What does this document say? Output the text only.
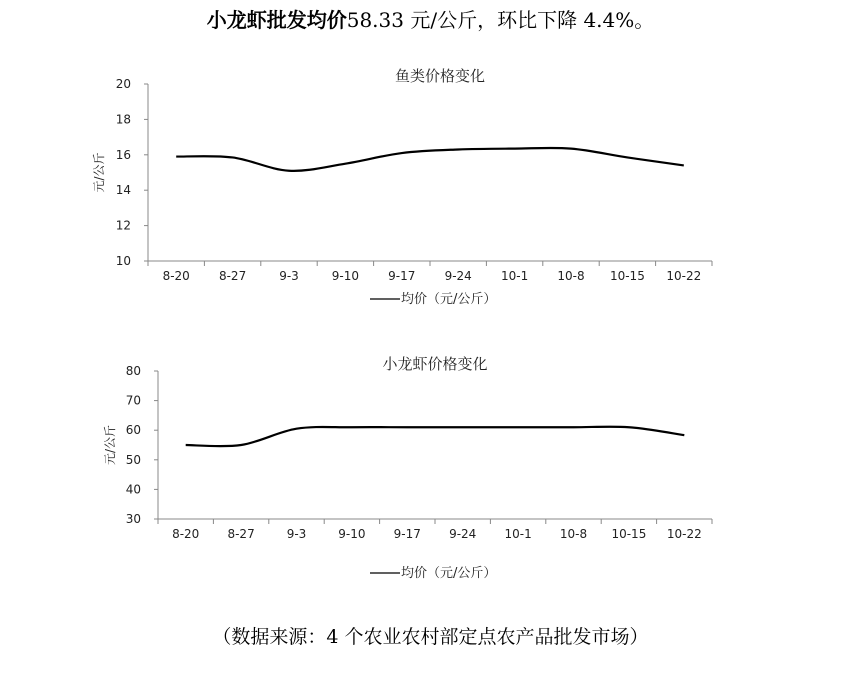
小龙虾批发均价58.33 元/公斤，环比下降 4.4%。
鱼类价格变化
10
12
14
16
18
20
8-20 8-27	9-3	9-10 9-17 9-24 10-1 10-8 10-15 10-22
元/公斤
均价（元/公斤）
小龙虾价格变化
30
40
50
60
70
80
8-20 8-27	9-3	9-10 9-17 9-24 10-1 10-8 10-15 10-22
元/公斤
均价（元/公斤）
（数据来源：4 个农业农村部定点农产品批发市场）
